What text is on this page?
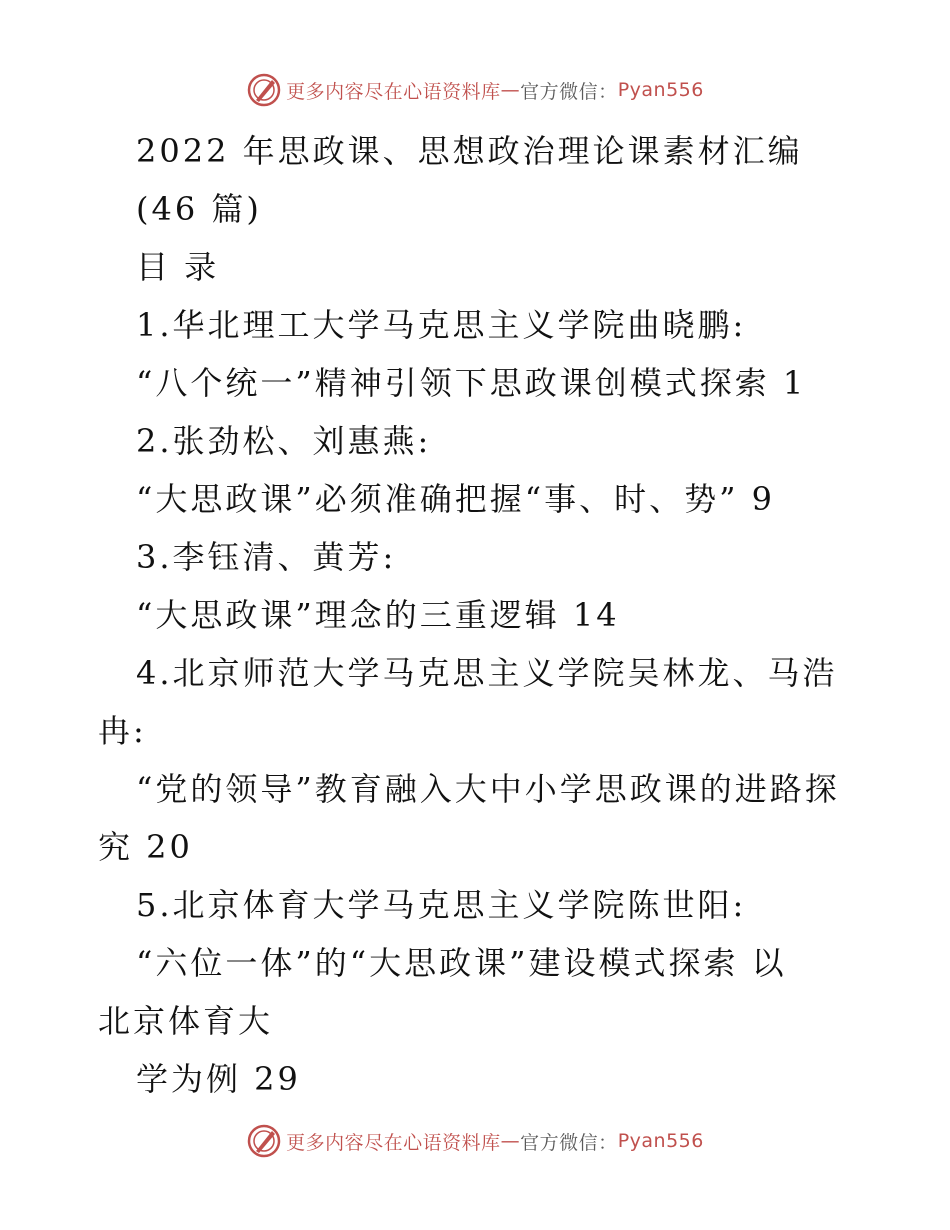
更多内容尽在心语资料库 — 官方微信： Pyan556
2022 年思政课、思想政治理论课素材汇编
(46 篇)
目 录
1.华北理工大学马克思主义学院曲晓鹏:
“八个统一”精神引领下思政课创模式探索 1
2.张劲松、刘惠燕:
“大思政课”必须准确把握“事、时、势” 9
3.李钰清、黄芳:
“大思政课”理念的三重逻辑 14
4.北京师范大学马克思主义学院吴林龙、马浩
冉:
“党的领导”教育融入大中小学思政课的进路探
究 20
5.北京体育大学马克思主义学院陈世阳:
“六位一体”的“大思政课”建设模式探索 以
北京体育大
学为例 29
更多内容尽在心语资料库 — 官方微信： Pyan556
